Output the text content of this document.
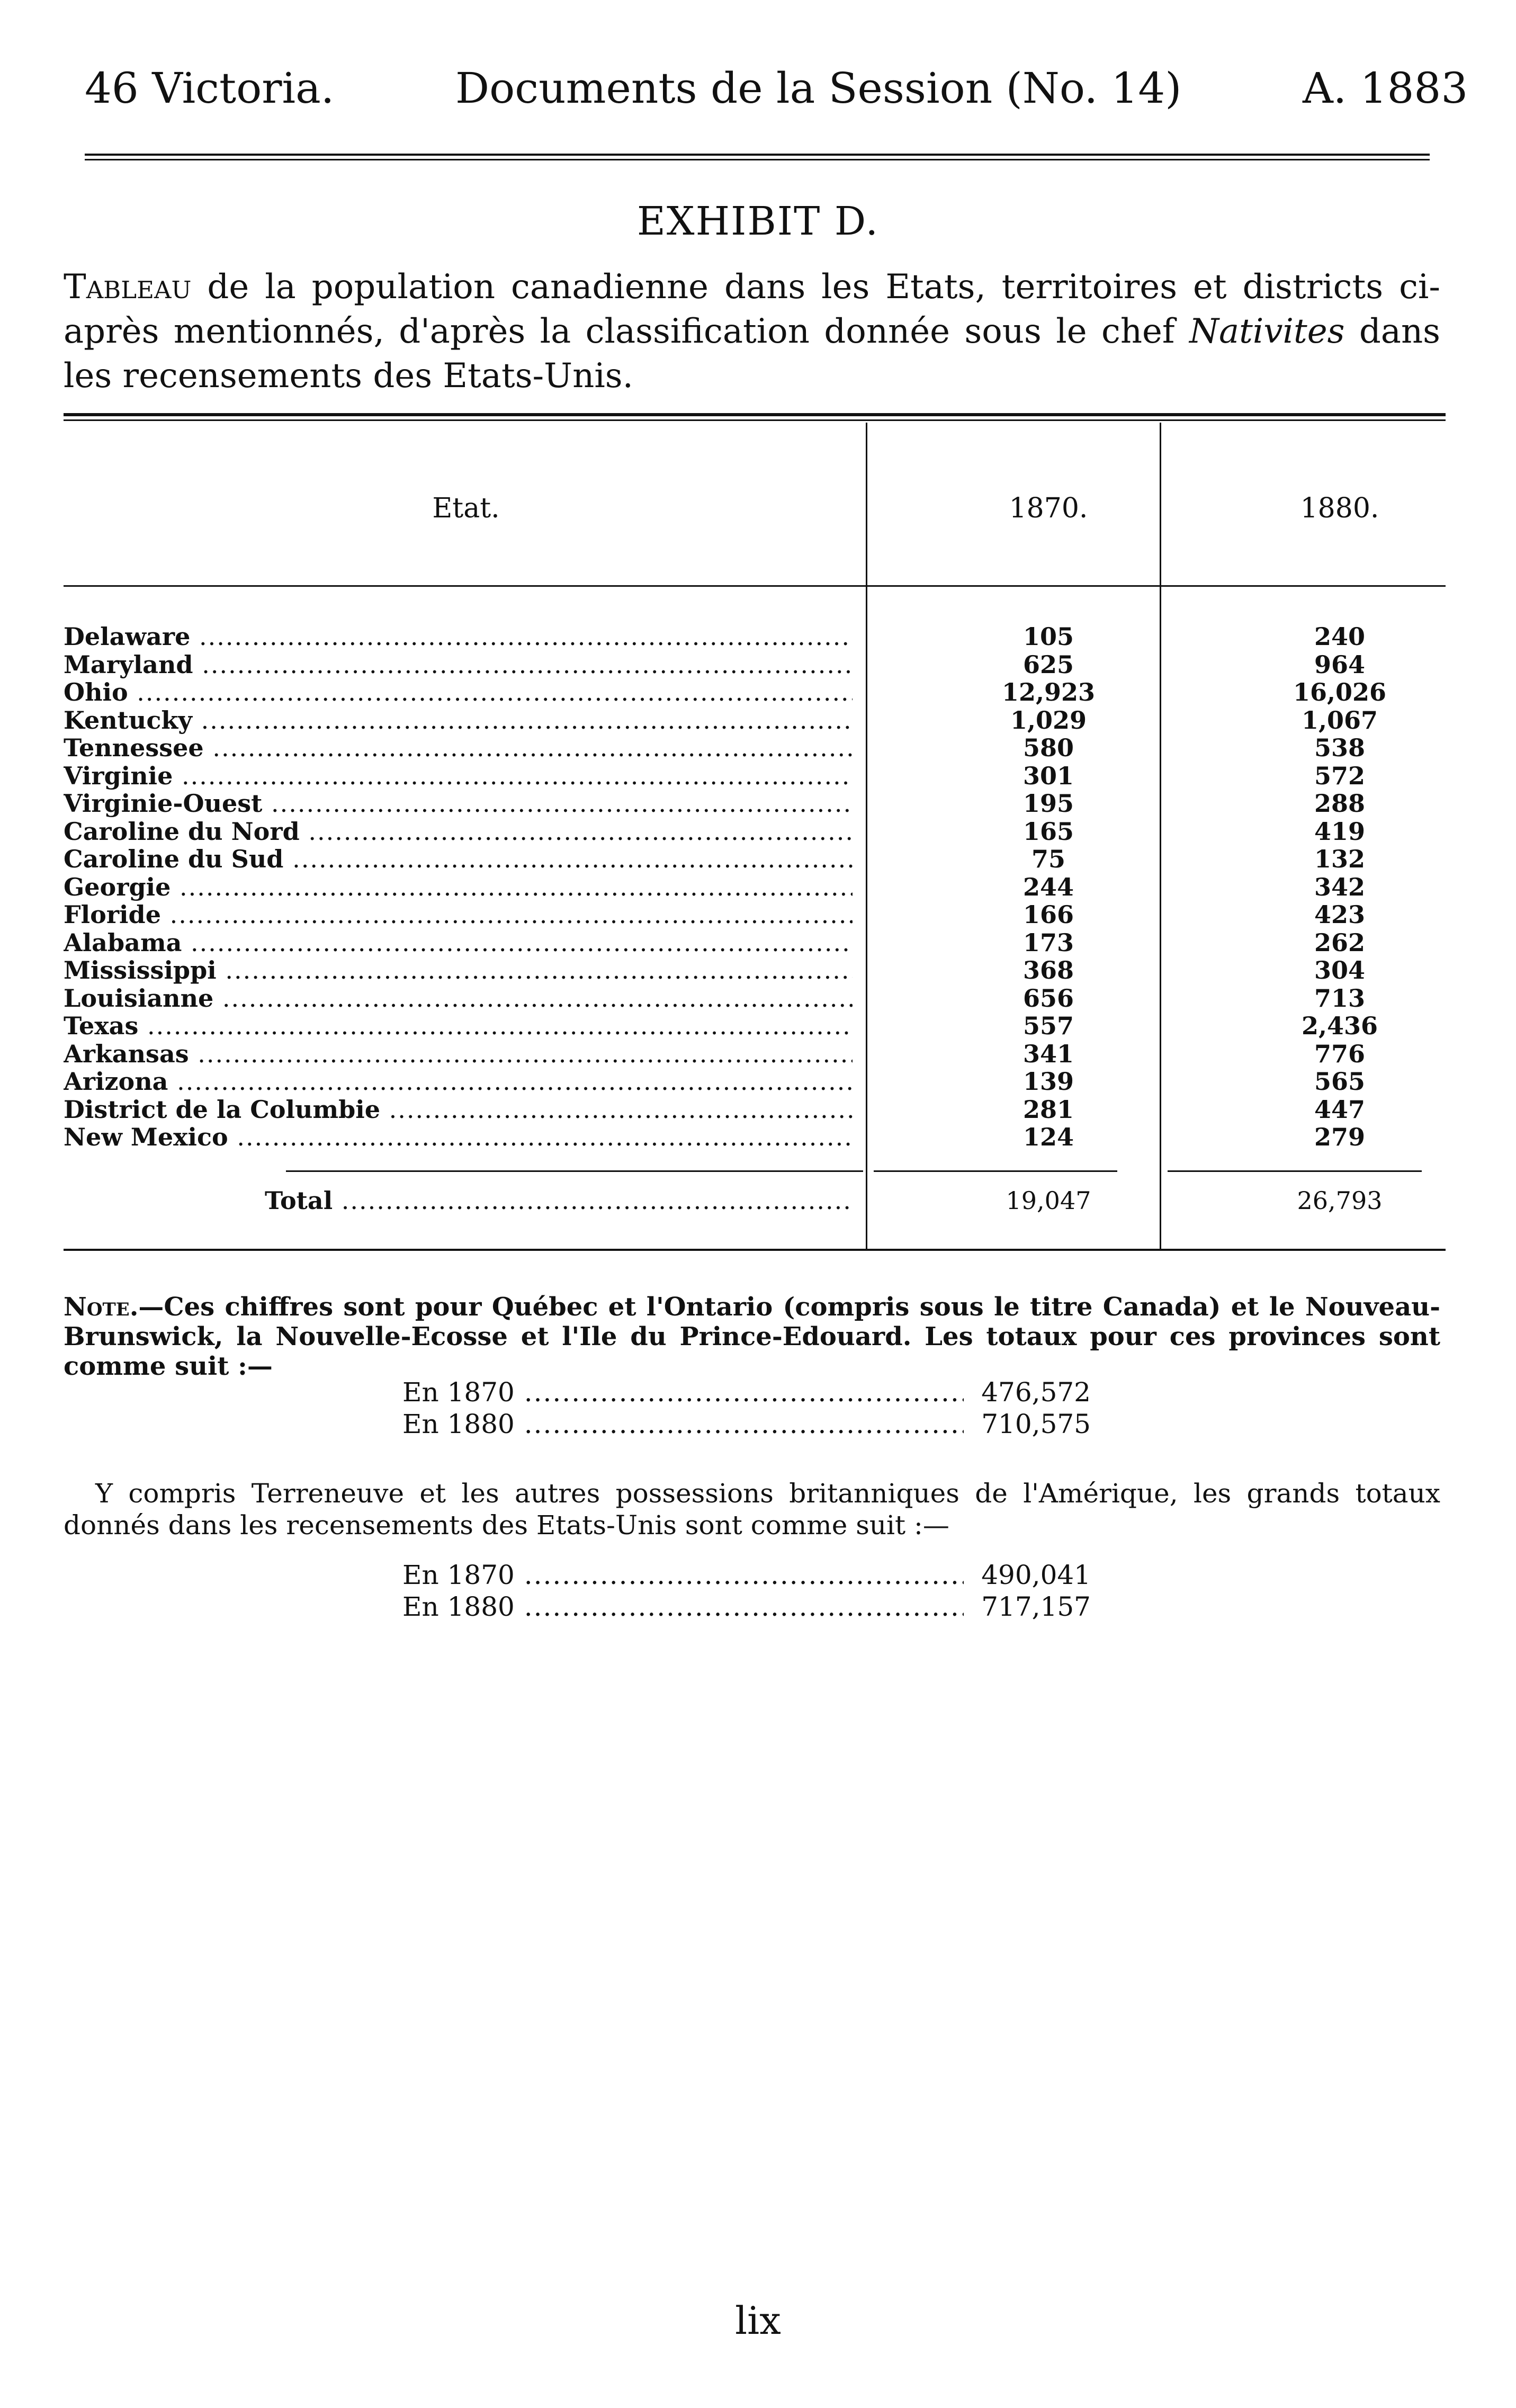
46 Victoria.	Documents de la Session (No. 14)	A. 1883
EXHIBIT D.
Tableau de la population canadienne dans les Etats, territoires et districts ci-après mentionnés, d'après la classification donnée sous le chef Nativites dans les recensements des Etats-Unis.
Etat.	1870.	1880.
Delaware .....	105	240
Maryland .....	625	964
Ohio .....	12,923	16,026
Kentucky .....	1,029	1,067
Tennessee .....	580	538
Virginie .....	301	572
Virginie-Ouest .....	195	288
Caroline du Nord .....	165	419
Caroline du Sud .....	75	132
Georgie .....	244	342
Floride .....	166	423
Alabama .....	173	262
Mississippi .....	368	304
Louisianne .....	656	713
Texas .....	557	2,436
Arkansas .....	341	776
Arizona .....	139	565
District de la Columbie .....	281	447
New Mexico .....	124	279
Total .....	19,047	26,793
Note.—Ces chiffres sont pour Québec et l'Ontario (compris sous le titre Canada) et le Nouveau-Brunswick, la Nouvelle-Ecosse et l'Ile du Prince-Edouard. Les totaux pour ces provinces sont comme suit :—
En 1870 .....	476,572
En 1880 .....	710,575
Y compris Terreneuve et les autres possessions britanniques de l'Amérique, les grands totaux donnés dans les recensements des Etats-Unis sont comme suit :—
En 1870 .....	490,041
En 1880 .....	717,157
lix
